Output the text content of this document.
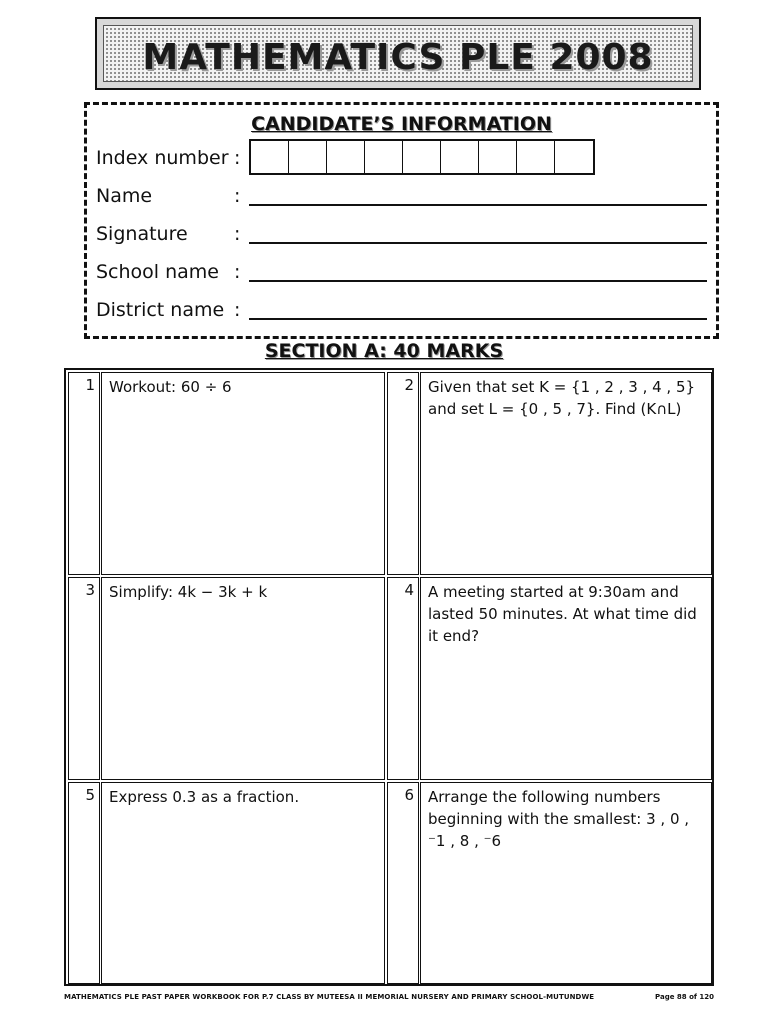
MATHEMATICS PLE 2008
CANDIDATE’S INFORMATION
Index number :
Name	:
Signature :
School name :
District name :
SECTION A: 40 MARKS
1 Workout: 60 ÷ 6	2 Given that set K = {1 , 2 , 3 , 4 , 5} and set L = {0 , 5 , 7}. Find (K∩L)
3 Simplify: 4k − 3k + k	4 A meeting started at 9:30am and lasted 50 minutes. At what time did it end?
5 Express 0.3 as a fraction.	6 Arrange the following numbers beginning with the smallest: 3 , 0 , ⁻1 , 8 , ⁻6
MATHEMATICS PLE PAST PAPER WORKBOOK FOR P.7 CLASS BY MUTEESA II MEMORIAL NURSERY AND PRIMARY SCHOOL-MUTUNDWE	Page 88 of 120
